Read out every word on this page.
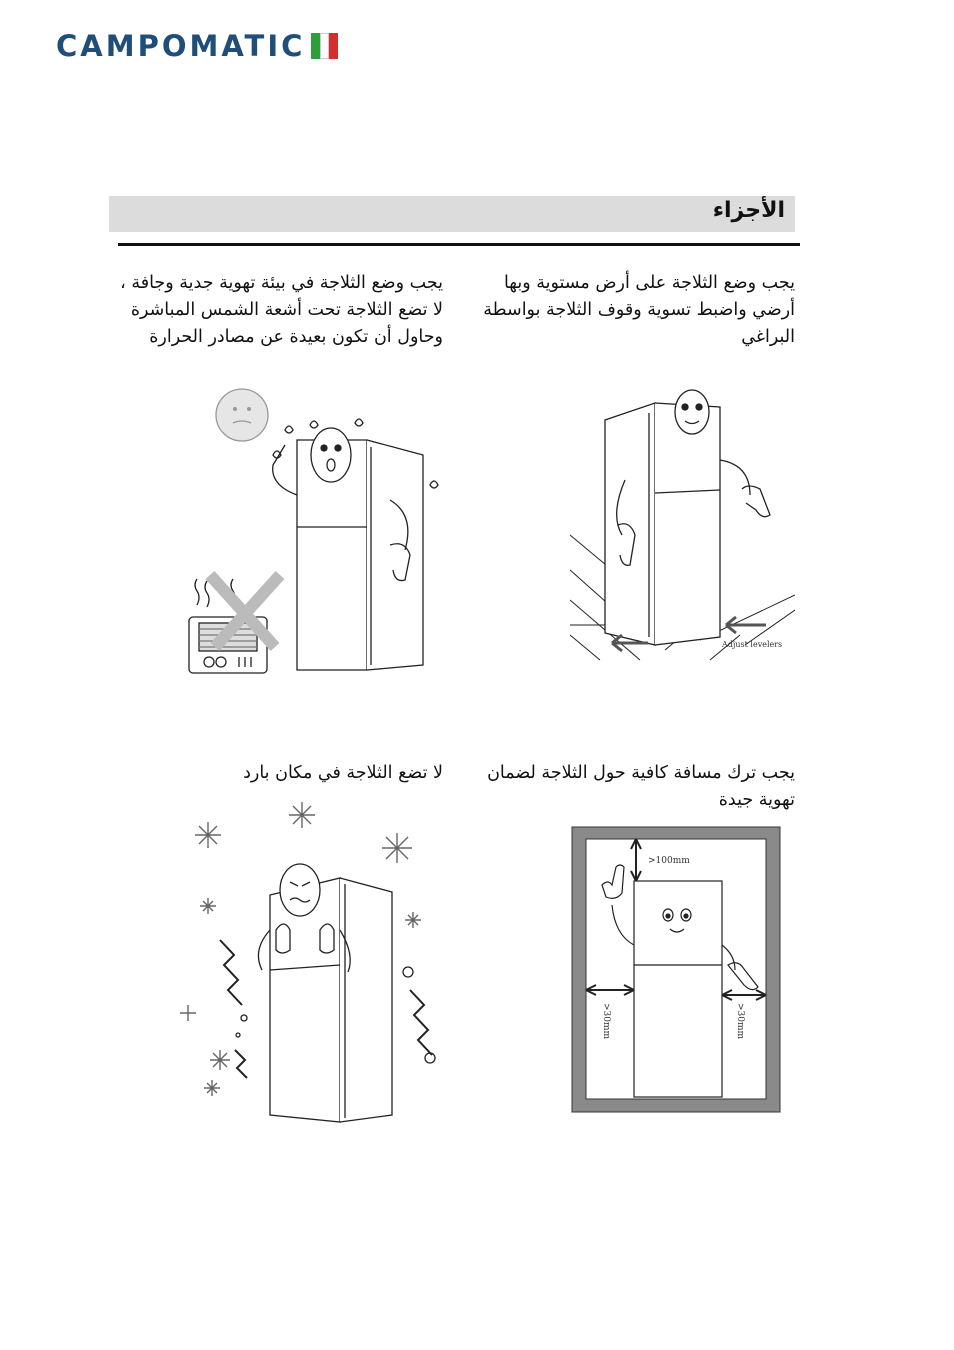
CAMPOMATIC
الأجزاء
يجب وضع الثلاجة على أرض مستوية وبها أرضي واضبط تسوية وقوف الثلاجة بواسطة البراغي
يجب وضع الثلاجة في بيئة تهوية جدية وجافة ، لا تضع الثلاجة تحت أشعة الشمس المباشرة وحاول أن تكون بعيدة عن مصادر الحرارة
يجب ترك مسافة كافية حول الثلاجة لضمان تهوية جيدة
لا تضع الثلاجة في مكان بارد
Adjust levelers
>100mm
>30mm	>30mm
